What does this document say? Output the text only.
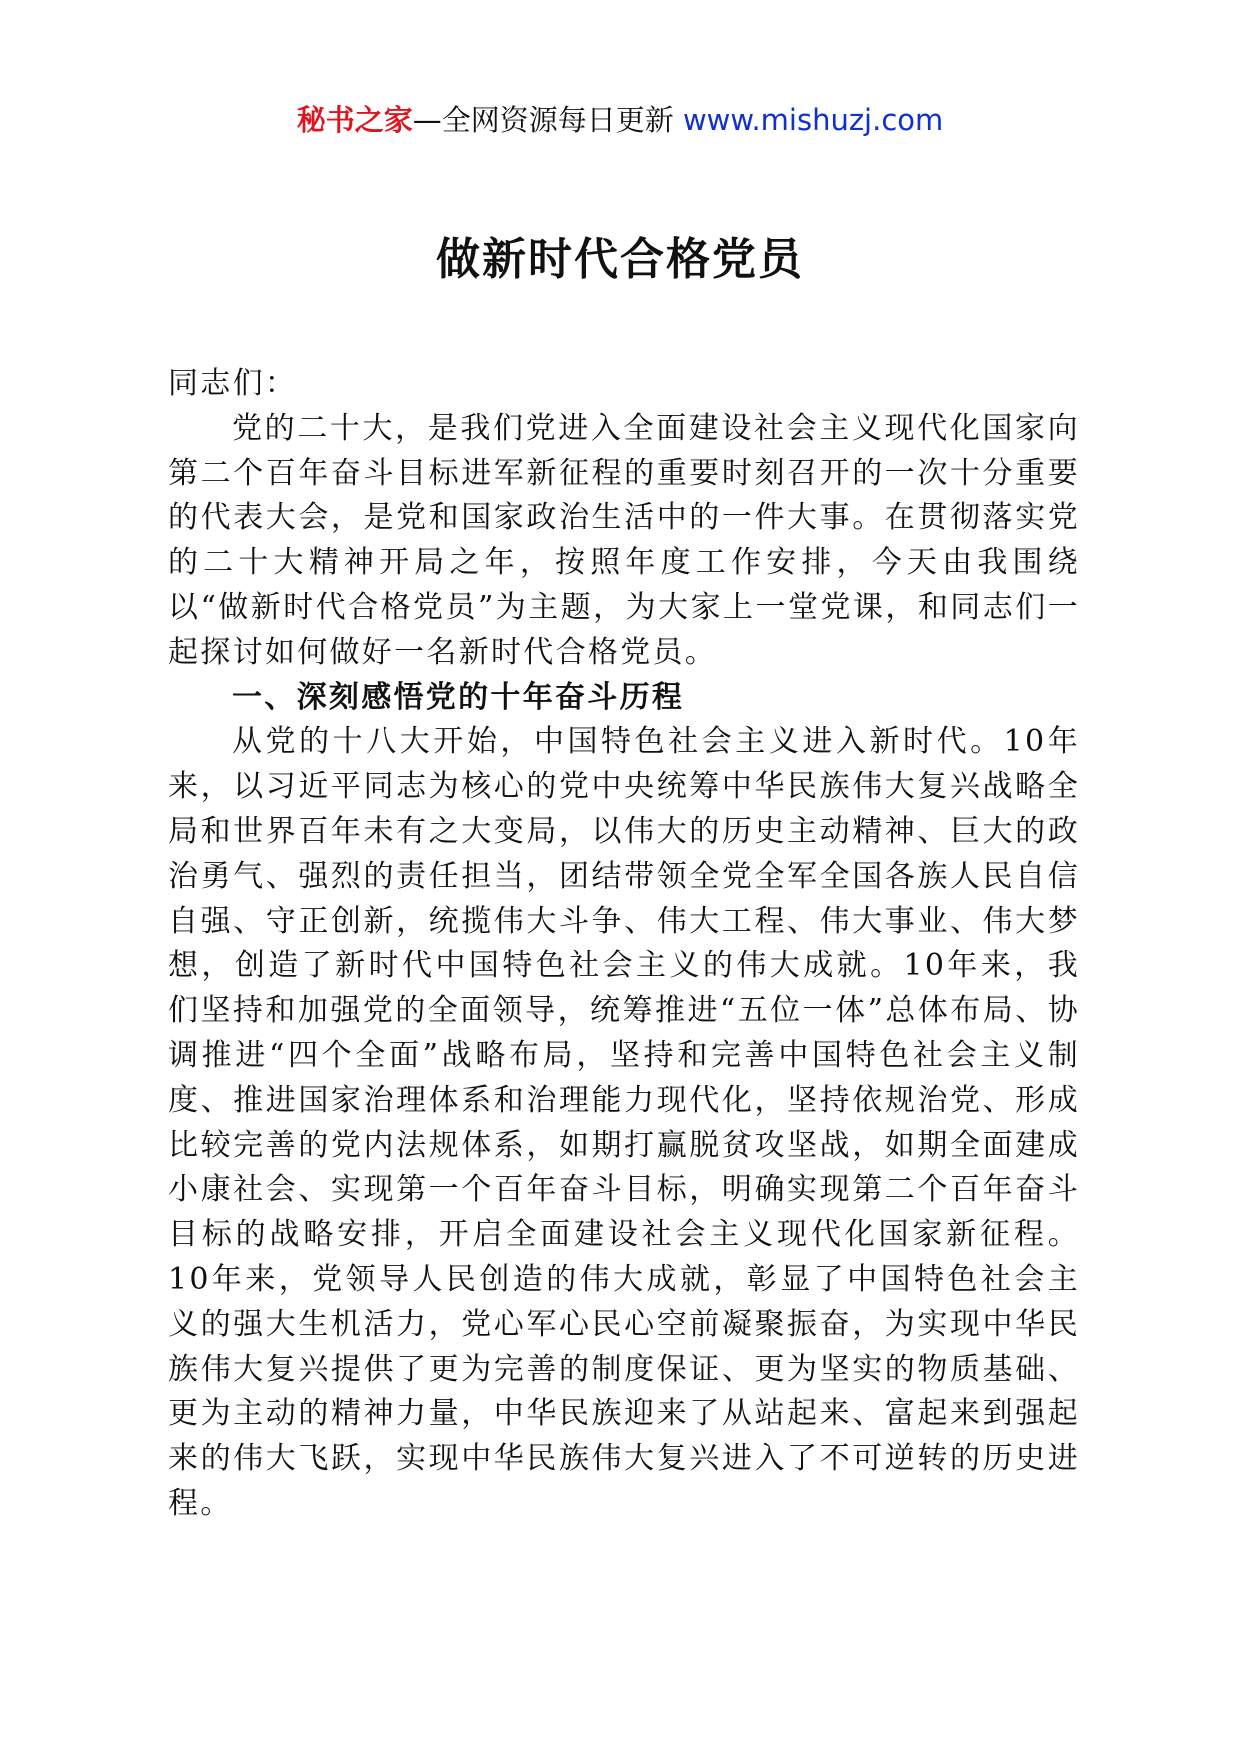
秘书之家—全网资源每日更新 www.mishuzj.com
做新时代合格党员

同志们：

党的二十大，是我们党进入全面建设社会主义现代化国家向第二个百年奋斗目标进军新征程的重要时刻召开的一次十分重要的代表大会，是党和国家政治生活中的一件大事。在贯彻落实党的二十大精神开局之年，按照年度工作安排，今天由我围绕以“做新时代合格党员”为主题，为大家上一堂党课，和同志们一起探讨如何做好一名新时代合格党员。

一、深刻感悟党的十年奋斗历程

从党的十八大开始，中国特色社会主义进入新时代。10年来，以习近平同志为核心的党中央统筹中华民族伟大复兴战略全局和世界百年未有之大变局，以伟大的历史主动精神、巨大的政治勇气、强烈的责任担当，团结带领全党全军全国各族人民自信自强、守正创新，统揽伟大斗争、伟大工程、伟大事业、伟大梦想，创造了新时代中国特色社会主义的伟大成就。10年来，我们坚持和加强党的全面领导，统筹推进“五位一体”总体布局、协调推进“四个全面”战略布局，坚持和完善中国特色社会主义制度、推进国家治理体系和治理能力现代化，坚持依规治党、形成比较完善的党内法规体系，如期打赢脱贫攻坚战，如期全面建成小康社会、实现第一个百年奋斗目标，明确实现第二个百年奋斗目标的战略安排，开启全面建设社会主义现代化国家新征程。10年来，党领导人民创造的伟大成就，彰显了中国特色社会主义的强大生机活力，党心军心民心空前凝聚振奋，为实现中华民族伟大复兴提供了更为完善的制度保证、更为坚实的物质基础、更为主动的精神力量，中华民族迎来了从站起来、富起来到强起来的伟大飞跃，实现中华民族伟大复兴进入了不可逆转的历史进程。
